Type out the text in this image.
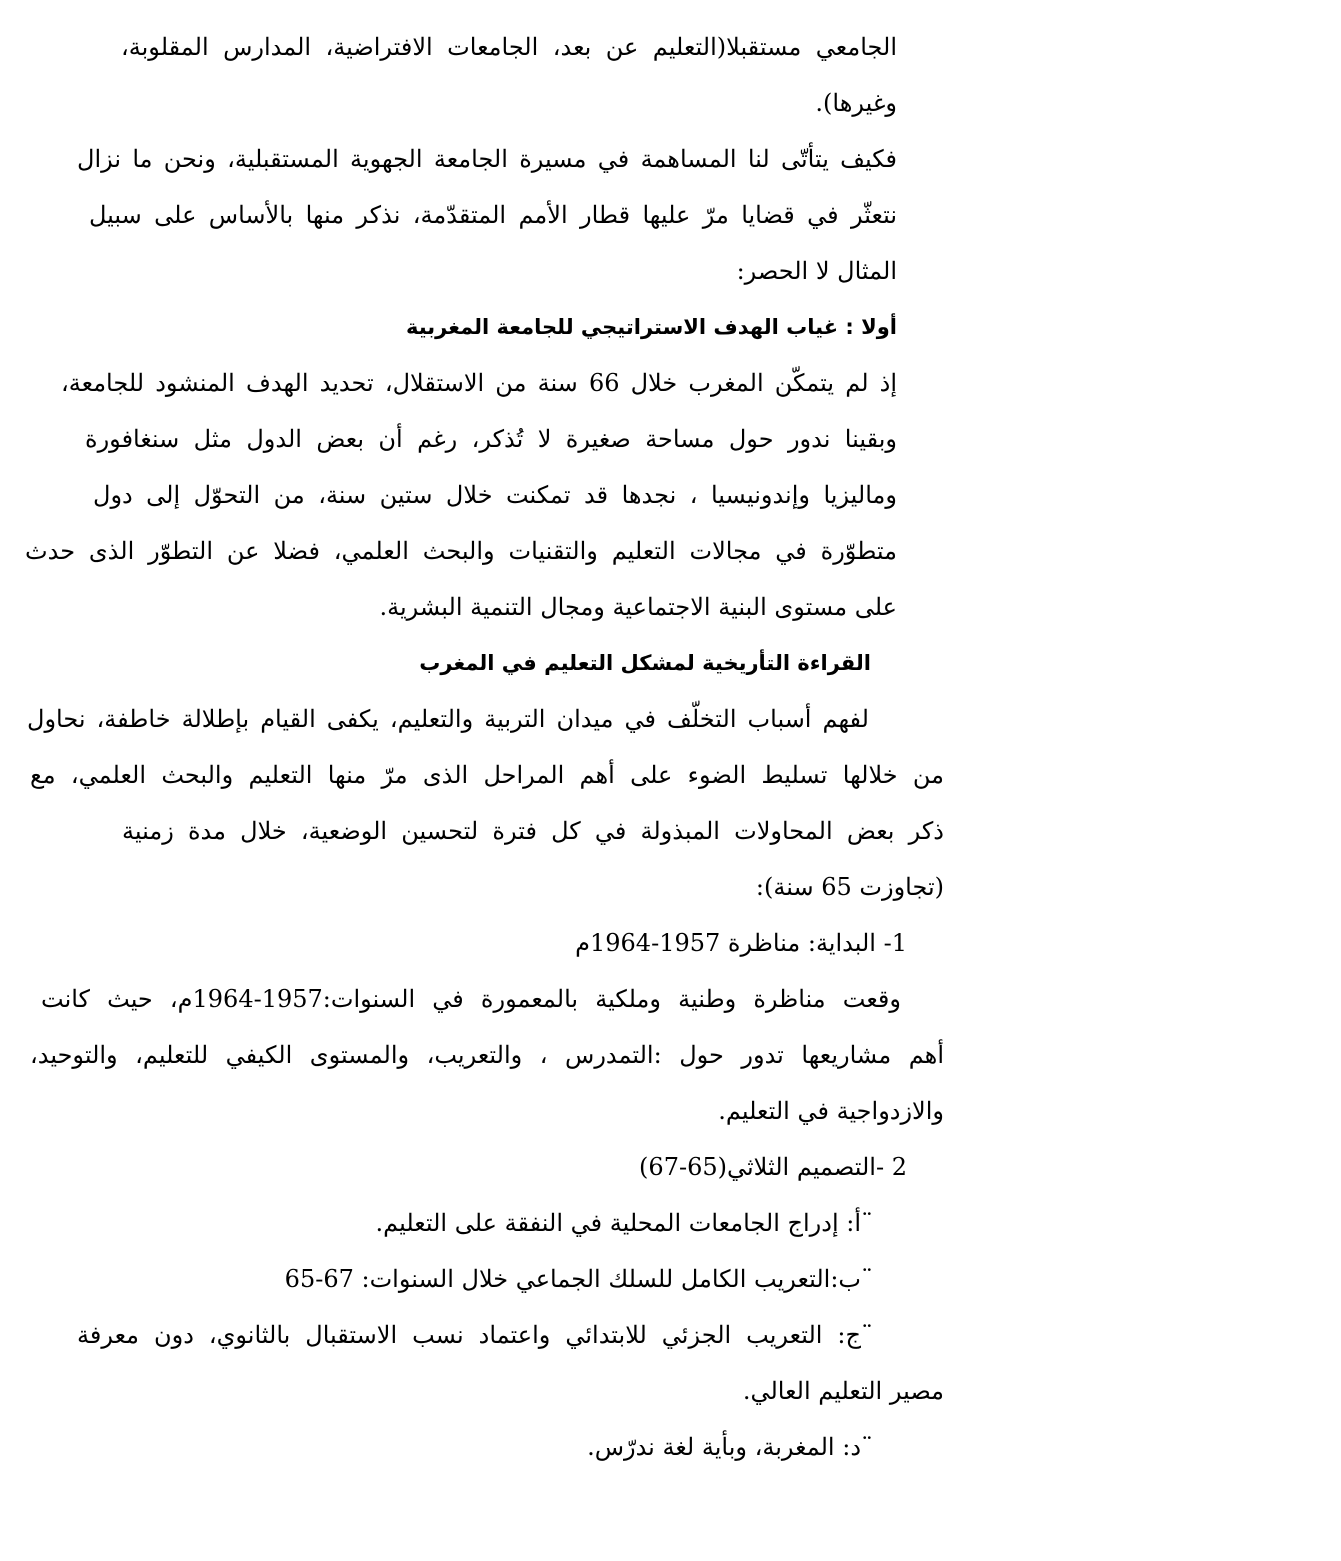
الجامعي مستقبلا(التعليم عن بعد، الجامعات الافتراضية، المدارس المقلوبة،
وغيرها).
فكيف يتأتّى لنا المساهمة في مسيرة الجامعة الجهوية المستقبلية، ونحن ما نزال
نتعثّر في قضايا مرّ عليها قطار الأمم المتقدّمة، نذكر منها بالأساس على سبيل
المثال لا الحصر:
أولا : غياب الهدف الاستراتيجي للجامعة المغربية
إذ لم يتمكّن المغرب خلال 66 سنة من الاستقلال، تحديد الهدف المنشود للجامعة،
وبقينا ندور حول مساحة صغيرة لا تُذكر، رغم أن بعض الدول مثل سنغافورة
وماليزيا وإندونيسيا ، نجدها قد تمكنت خلال ستين سنة، من التحوّل إلى دول
متطوّرة في مجالات التعليم والتقنيات والبحث العلمي، فضلا عن التطوّر الذى حدث
على مستوى البنية الاجتماعية ومجال التنمية البشرية.
القراءة التأريخية لمشكل التعليم في المغرب
لفهم أسباب التخلّف في ميدان التربية والتعليم، يكفى القيام بإطلالة خاطفة، نحاول
من خلالها تسليط الضوء على أهم المراحل الذى مرّ منها التعليم والبحث العلمي، مع
ذكر بعض المحاولات المبذولة في كل فترة لتحسين الوضعية، خلال مدة زمنية
(تجاوزت 65 سنة):
1- البداية: مناظرة 1957-1964م
وقعت مناظرة وطنية وملكية بالمعمورة في السنوات:1957-1964م، حيث كانت
أهم مشاريعها تدور حول :التمدرس ، والتعريب، والمستوى الكيفي للتعليم، والتوحيد،
والازدواجية في التعليم.
2 -التصميم الثلاثي(65-67)
¨أ: إدراج الجامعات المحلية في النفقة على التعليم.
¨ب:التعريب الكامل للسلك الجماعي خلال السنوات: 67-65
¨ج: التعريب الجزئي للابتدائي واعتماد نسب الاستقبال بالثانوي، دون معرفة
مصير التعليم العالي.
¨د: المغربة، وبأية لغة ندرّس.
